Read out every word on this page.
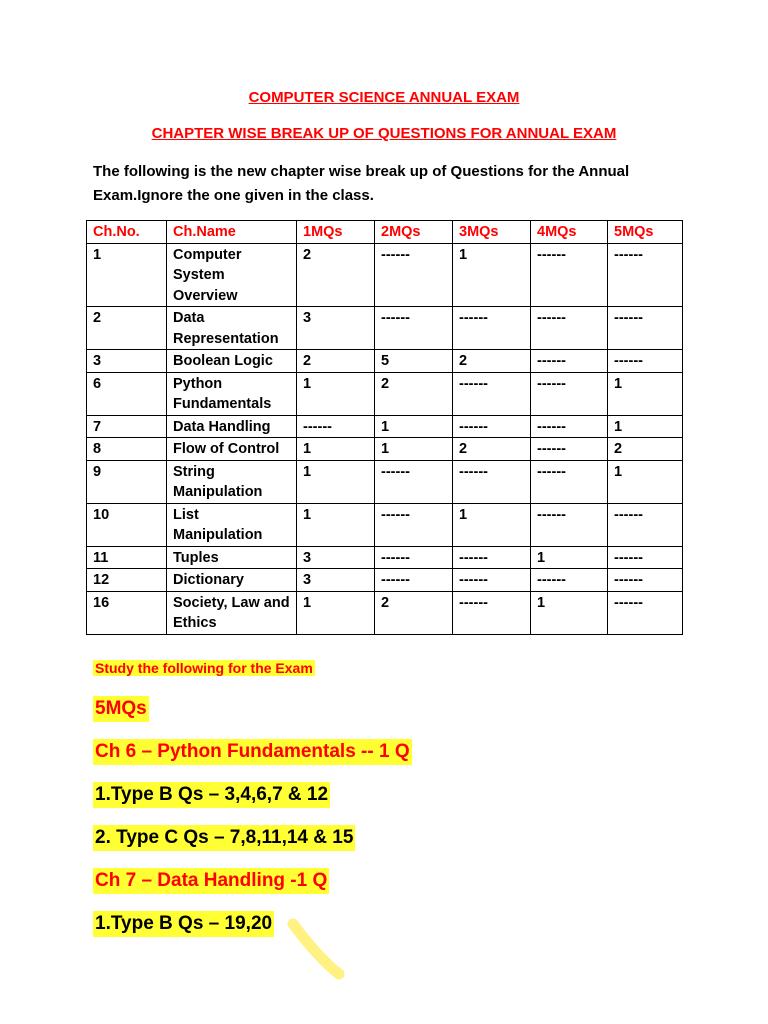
COMPUTER SCIENCE ANNUAL EXAM
CHAPTER WISE BREAK UP OF QUESTIONS FOR ANNUAL EXAM
The following is the new chapter wise break up of Questions for the Annual Exam.Ignore the one given in the class.
Ch.No.	Ch.Name	1MQs	2MQs	3MQs	4MQs	5MQs
1	Computer System Overview	2	------	1	------	------
2	Data Representation	3	------	------	------	------
3	Boolean Logic	2	5	2	------	------
6	Python Fundamentals	1	2	------	------	1
7	Data Handling	------	1	------	------	1
8	Flow of Control	1	1	2	------	2
9	String Manipulation	1	------	------	------	1
10	List Manipulation	1	------	1	------	------
11	Tuples	3	------	------	1	------
12	Dictionary	3	------	------	------	------
16	Society, Law and Ethics	1	2	------	1	------
Study the following for the Exam
5MQs
Ch 6 – Python Fundamentals -- 1 Q
1.Type B Qs – 3,4,6,7 & 12
2. Type C Qs – 7,8,11,14 & 15
Ch 7 – Data Handling -1 Q
1.Type B Qs – 19,20
